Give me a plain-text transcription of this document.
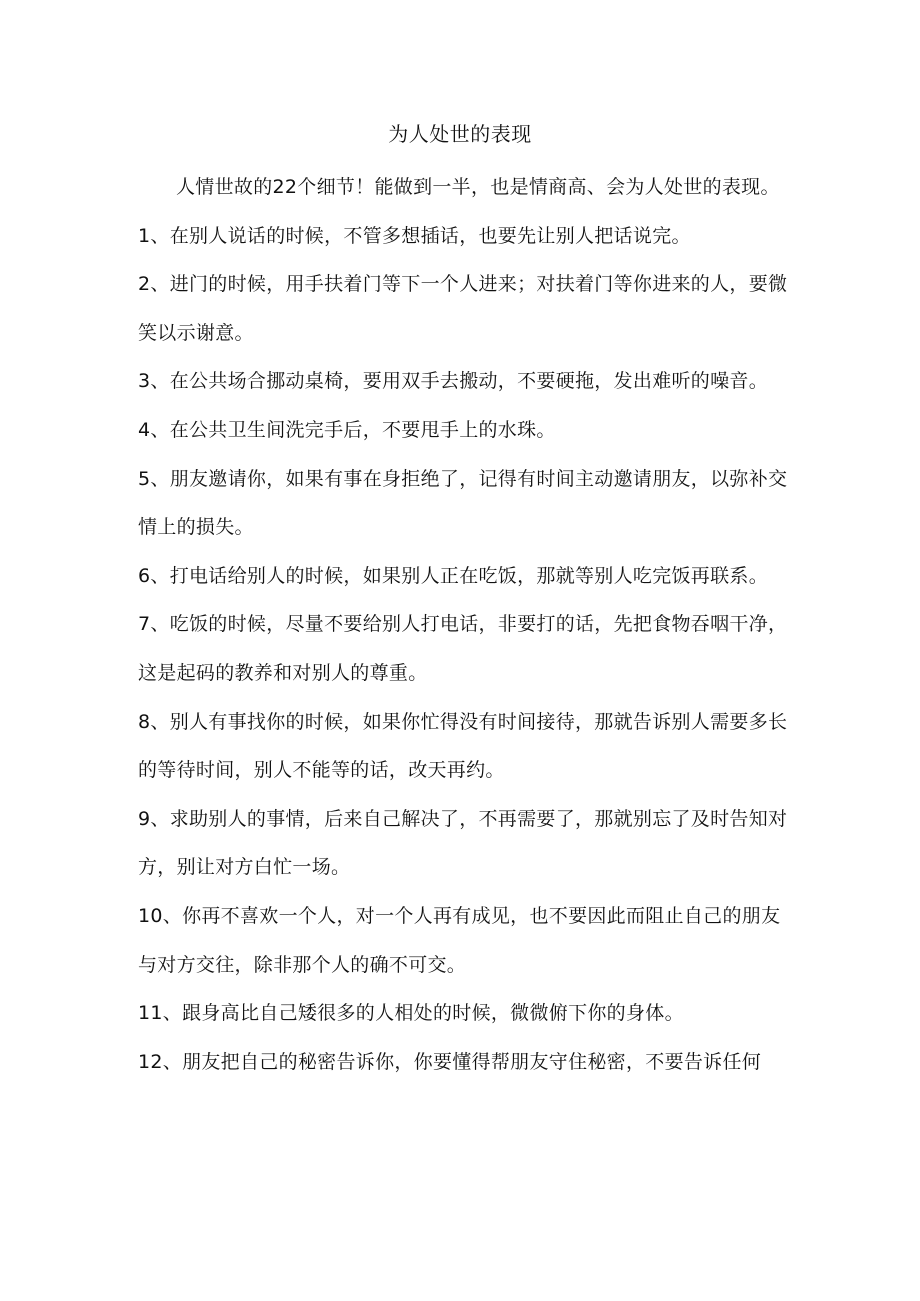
为人处世的表现

人情世故的22个细节！能做到一半，也是情商高、会为人处世的表现。

1、在别人说话的时候，不管多想插话，也要先让别人把话说完。

2、进门的时候，用手扶着门等下一个人进来；对扶着门等你进来的人，要微笑以示谢意。

3、在公共场合挪动桌椅，要用双手去搬动，不要硬拖，发出难听的噪音。

4、在公共卫生间洗完手后，不要甩手上的水珠。

5、朋友邀请你，如果有事在身拒绝了，记得有时间主动邀请朋友，以弥补交情上的损失。

6、打电话给别人的时候，如果别人正在吃饭，那就等别人吃完饭再联系。

7、吃饭的时候，尽量不要给别人打电话，非要打的话，先把食物吞咽干净，这是起码的教养和对别人的尊重。

8、别人有事找你的时候，如果你忙得没有时间接待，那就告诉别人需要多长的等待时间，别人不能等的话，改天再约。

9、求助别人的事情，后来自己解决了，不再需要了，那就别忘了及时告知对方，别让对方白忙一场。

10、你再不喜欢一个人，对一个人再有成见，也不要因此而阻止自己的朋友与对方交往，除非那个人的确不可交。

11、跟身高比自己矮很多的人相处的时候，微微俯下你的身体。

12、朋友把自己的秘密告诉你，你要懂得帮朋友守住秘密，不要告诉任何
